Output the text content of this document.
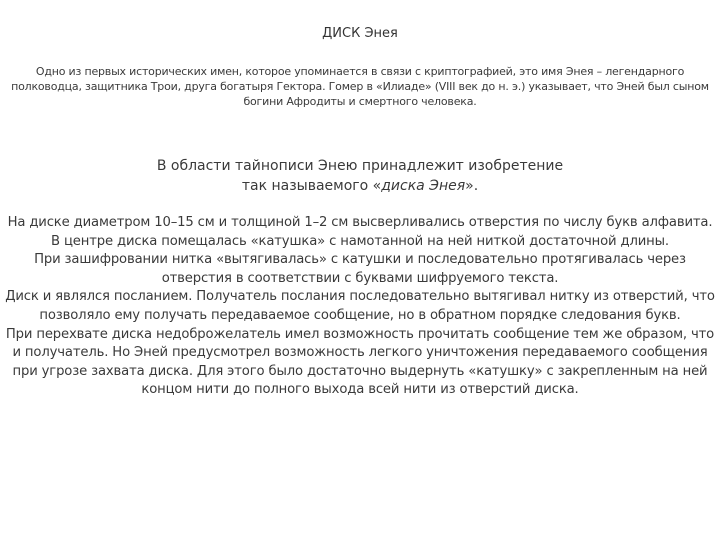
ДИСК Энея
Одно из первых исторических имен, которое упоминается в связи с криптографией, это имя Энея – легендарного полководца, защитника Трои, друга богатыря Гектора. Гомер в «Илиаде» (VIII век до н. э.) указывает, что Эней был сыном богини Афродиты и смертного человека.
В области тайнописи Энею принадлежит изобретение
так называемого «диска Энея».

На диске диаметром 10–15 см и толщиной 1–2 см высверливались отверстия по числу букв алфавита. В центре диска помещалась «катушка» с намотанной на ней ниткой достаточной длины.

При зашифровании нитка «вытягивалась» с катушки и последовательно протягивалась через отверстия в соответствии с буквами шифруемого текста.

Диск и являлся посланием. Получатель послания последовательно вытягивал нитку из отверстий, что позволяло ему получать передаваемое сообщение, но в обратном порядке следования букв.

При перехвате диска недоброжелатель имел возможность прочитать сообщение тем же образом, что и получатель. Но Эней предусмотрел возможность легкого уничтожения передаваемого сообщения при угрозе захвата диска. Для этого было достаточно выдернуть «катушку» с закрепленным на ней концом нити до полного выхода всей нити из отверстий диска.
